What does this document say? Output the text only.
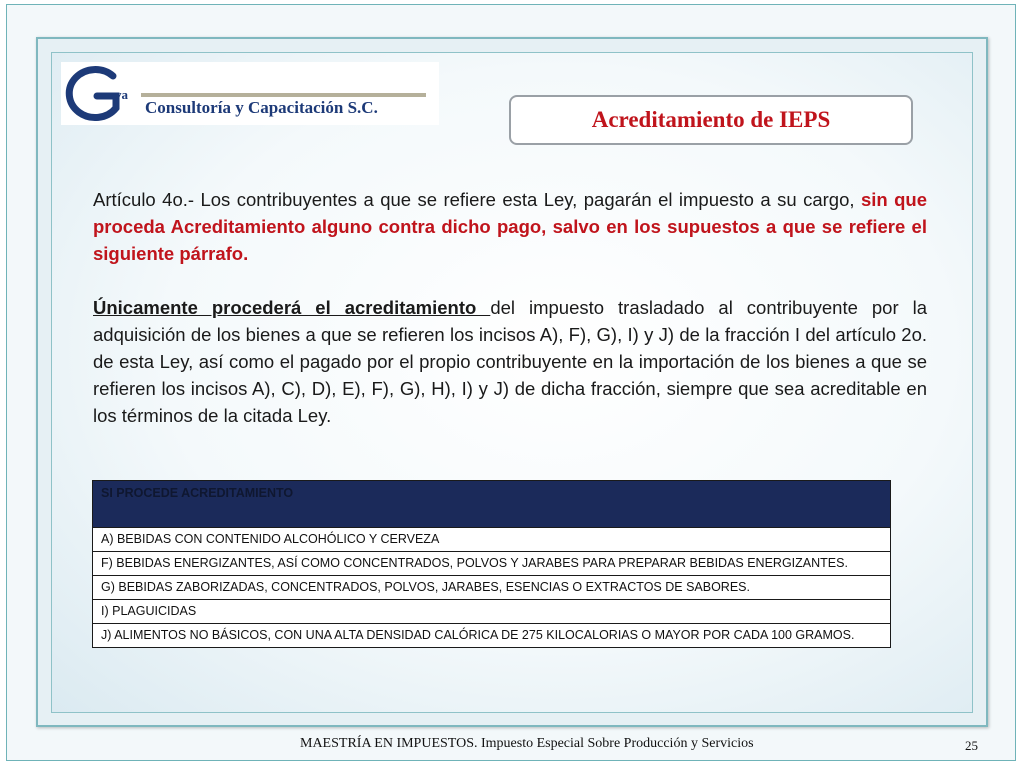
va
Consultoría y Capacitación S.C.	Acreditamiento de IEPS

Artículo 4o.- Los contribuyentes a que se refiere esta Ley, pagarán el impuesto a su cargo, sin que proceda Acreditamiento alguno contra dicho pago, salvo en los supuestos a que se refiere el siguiente párrafo.

Únicamente procederá el acreditamiento del impuesto trasladado al contribuyente por la adquisición de los bienes a que se refieren los incisos A), F), G), I) y J) de la fracción I del artículo 2o. de esta Ley, así como el pagado por el propio contribuyente en la importación de los bienes a que se refieren los incisos A), C), D), E), F), G), H), I) y J) de dicha fracción, siempre que sea acreditable en los términos de la citada Ley.

SI PROCEDE ACREDITAMIENTO
A) BEBIDAS CON CONTENIDO ALCOHÓLICO Y CERVEZA
F) BEBIDAS ENERGIZANTES, ASÍ COMO CONCENTRADOS, POLVOS Y JARABES PARA PREPARAR BEBIDAS ENERGIZANTES.
G) BEBIDAS ZABORIZADAS, CONCENTRADOS, POLVOS, JARABES, ESENCIAS O EXTRACTOS DE SABORES.
I) PLAGUICIDAS
J) ALIMENTOS NO BÁSICOS, CON UNA ALTA DENSIDAD CALÓRICA DE 275 KILOCALORIAS O MAYOR POR CADA 100 GRAMOS.
MAESTRÍA EN IMPUESTOS. Impuesto Especial Sobre Producción y Servicios	25
